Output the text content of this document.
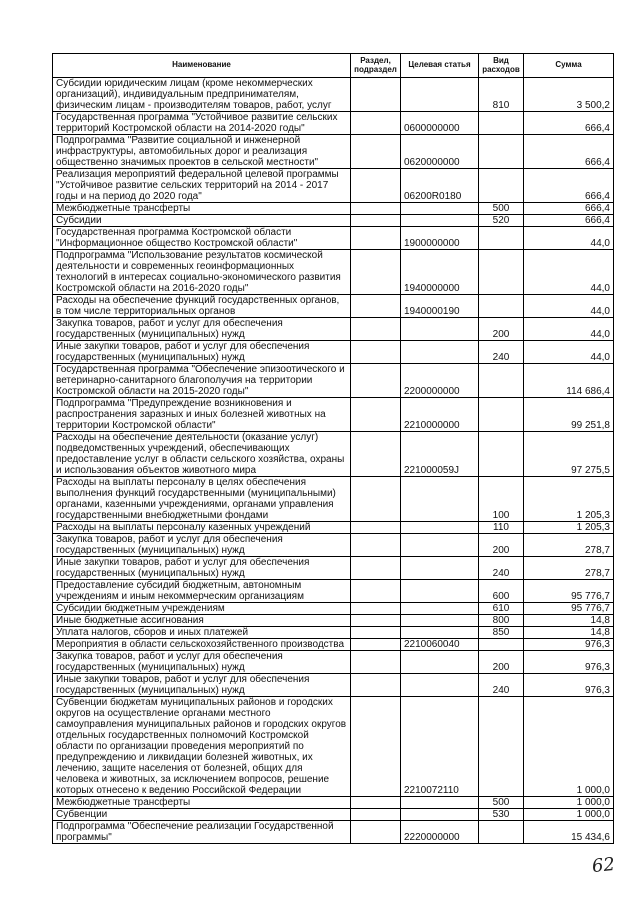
Наименование	Раздел, подраздел	Целевая статья	Вид расходов	Сумма
Субсидии юридическим лицам (кроме некоммерческих организаций), индивидуальным предпринимателям, физическим лицам - производителям товаров, работ, услуг			810	3 500,2
Государственная программа "Устойчивое развитие сельских территорий Костромской области на 2014-2020 годы"		0600000000		666,4
Подпрограмма "Развитие социальной и инженерной инфраструктуры, автомобильных дорог и реализация общественно значимых проектов в сельской местности"		0620000000		666,4
Реализация мероприятий федеральной целевой программы "Устойчивое развитие сельских территорий на 2014 - 2017 годы и на период до 2020 года"		06200R0180		666,4
Межбюджетные трансферты			500	666,4
Субсидии			520	666,4
Государственная программа Костромской области "Информационное общество Костромской области"		1900000000		44,0
Подпрограмма "Использование результатов космической деятельности и современных геоинформационных технологий в интересах социально-экономического развития Костромской области на 2016-2020 годы"		1940000000		44,0
Расходы на обеспечение функций государственных органов, в том числе территориальных органов		1940000190		44,0
Закупка товаров, работ и услуг для обеспечения государственных (муниципальных) нужд			200	44,0
Иные закупки товаров, работ и услуг для обеспечения государственных (муниципальных) нужд			240	44,0
Государственная программа "Обеспечение эпизоотического и ветеринарно-санитарного благополучия на территории Костромской области на 2015-2020 годы"		2200000000		114 686,4
Подпрограмма "Предупреждение возникновения и распространения заразных и иных болезней животных на территории Костромской области"		2210000000		99 251,8
Расходы на обеспечение деятельности (оказание услуг) подведомственных учреждений, обеспечивающих предоставление услуг в области сельского хозяйства, охраны и использования объектов животного мира		221000059J		97 275,5
Расходы на выплаты персоналу в целях обеспечения выполнения функций государственными (муниципальными) органами, казенными учреждениями, органами управления государственными внебюджетными фондами			100	1 205,3
Расходы на выплаты персоналу казенных учреждений			110	1 205,3
Закупка товаров, работ и услуг для обеспечения государственных (муниципальных) нужд			200	278,7
Иные закупки товаров, работ и услуг для обеспечения государственных (муниципальных) нужд			240	278,7
Предоставление субсидий бюджетным, автономным учреждениям и иным некоммерческим организациям			600	95 776,7
Субсидии бюджетным учреждениям			610	95 776,7
Иные бюджетные ассигнования			800	14,8
Уплата налогов, сборов и иных платежей			850	14,8
Мероприятия в области сельскохозяйственного производства		2210060040		976,3
Закупка товаров, работ и услуг для обеспечения государственных (муниципальных) нужд			200	976,3
Иные закупки товаров, работ и услуг для обеспечения государственных (муниципальных) нужд			240	976,3
Субвенции бюджетам муниципальных районов и городских округов на осуществление органами местного самоуправления муниципальных районов и городских округов отдельных государственных полномочий Костромской области по организации проведения мероприятий по предупреждению и ликвидации болезней животных, их лечению, защите населения от болезней, общих для человека и животных, за исключением вопросов, решение которых отнесено к ведению Российской Федерации		2210072110		1 000,0
Межбюджетные трансферты			500	1 000,0
Субвенции			530	1 000,0
Подпрограмма "Обеспечение реализации Государственной программы"		2220000000		15 434,6
62
